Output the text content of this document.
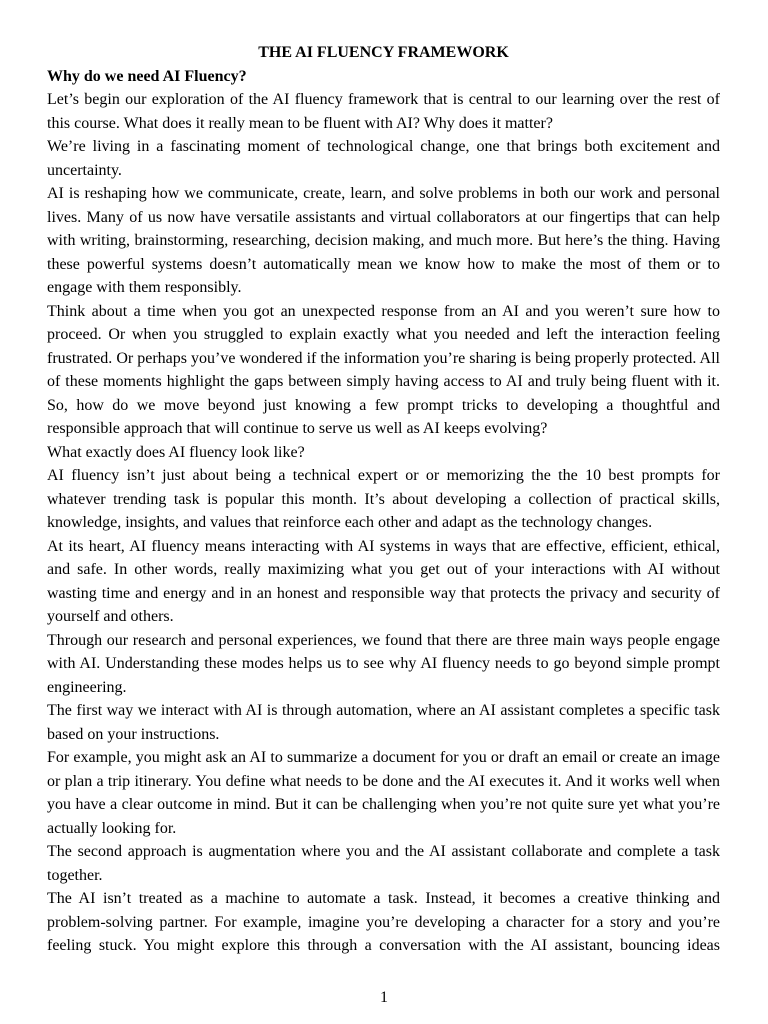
THE AI FLUENCY FRAMEWORK

Why do we need AI Fluency?

Let’s begin our exploration of the AI fluency framework that is central to our learning over the rest of this course. What does it really mean to be fluent with AI? Why does it matter?

We’re living in a fascinating moment of technological change, one that brings both excitement and uncertainty.

AI is reshaping how we communicate, create, learn, and solve problems in both our work and personal lives. Many of us now have versatile assistants and virtual collaborators at our fingertips that can help with writing, brainstorming, researching, decision making, and much more. But here’s the thing. Having these powerful systems doesn’t automatically mean we know how to make the most of them or to engage with them responsibly.

Think about a time when you got an unexpected response from an AI and you weren’t sure how to proceed. Or when you struggled to explain exactly what you needed and left the interaction feeling frustrated. Or perhaps you’ve wondered if the information you’re sharing is being properly protected. All of these moments highlight the gaps between simply having access to AI and truly being fluent with it. So, how do we move beyond just knowing a few prompt tricks to developing a thoughtful and responsible approach that will continue to serve us well as AI keeps evolving?

What exactly does AI fluency look like?

AI fluency isn’t just about being a technical expert or or memorizing the the 10 best prompts for whatever trending task is popular this month. It’s about developing a collection of practical skills, knowledge, insights, and values that reinforce each other and adapt as the technology changes.

At its heart, AI fluency means interacting with AI systems in ways that are effective, efficient, ethical, and safe. In other words, really maximizing what you get out of your interactions with AI without wasting time and energy and in an honest and responsible way that protects the privacy and security of yourself and others.

Through our research and personal experiences, we found that there are three main ways people engage with AI. Understanding these modes helps us to see why AI fluency needs to go beyond simple prompt engineering.

The first way we interact with AI is through automation, where an AI assistant completes a specific task based on your instructions.

For example, you might ask an AI to summarize a document for you or draft an email or create an image or plan a trip itinerary. You define what needs to be done and the AI executes it. And it works well when you have a clear outcome in mind. But it can be challenging when you’re not quite sure yet what you’re actually looking for.

The second approach is augmentation where you and the AI assistant collaborate and complete a task together.

The AI isn’t treated as a machine to automate a task. Instead, it becomes a creative thinking and problem-solving partner. For example, imagine you’re developing a character for a story and you’re feeling stuck. You might explore this through a conversation with the AI assistant, bouncing ideas

1
